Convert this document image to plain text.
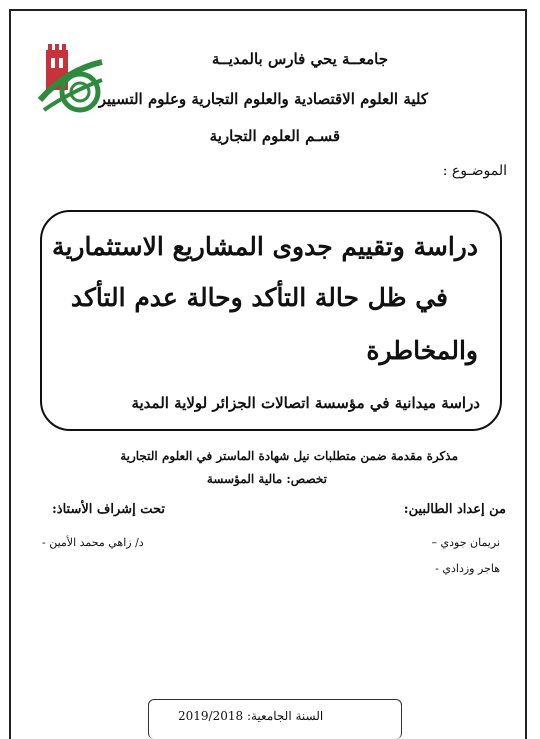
جامعــة يحي فارس بالمديــة
كلية العلوم الاقتصادية والعلوم التجارية وعلوم التسيير
قسـم العلوم التجارية
الموضـوع :
دراسة وتقييم جدوى المشاريع الاستثمارية
في ظل حالة التأكد وحالة عدم التأكد
والمخاطرة
دراسة ميدانية في مؤسسة اتصالات الجزائر لولاية المدية
مذكرة مقدمة ضمن متطلبات نيل شهادة الماستر في العلوم التجارية
تخصص: مالية المؤسسة
من إعداد الطالبين:
نريمان جودي –
هاجر وزدادي -
تحت إشراف الأستاذ:
د/ زاهي محمد الأمين -
السنة الجامعية: 2019/2018
